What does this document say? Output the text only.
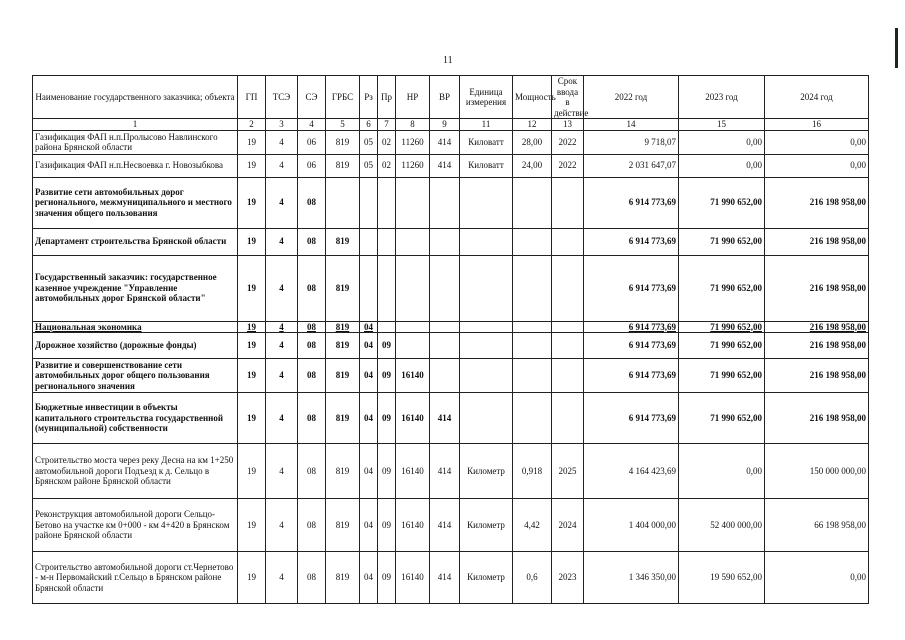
11
Наименование государственного заказчика; объекта	ГП	ТСЭ	СЭ	ГРБС	Рз	Пр	НР	ВР	Единица измерения	Мощность	Срок ввода в действие	2022 год	2023 год	2024 год
1	2	3	4	5	6	7	8	9	11	12	13	14	15	16
Газификация ФАП н.п.Пролысово Навлинского района Брянской области	19	4	06	819	05	02	11260	414	Киловатт	28,00	2022	9 718,07	0,00	0,00
Газификация ФАП н.п.Несвоевка г. Новозыбкова	19	4	06	819	05	02	11260	414	Киловатт	24,00	2022	2 031 647,07	0,00	0,00
Развитие сети автомобильных дорог регионального, межмуниципального и местного значения общего пользования	19	4	08									6 914 773,69	71 990 652,00	216 198 958,00
Департамент строительства Брянской области	19	4	08	819								6 914 773,69	71 990 652,00	216 198 958,00
Государственный заказчик: государственное казенное учреждение "Управление автомобильных дорог Брянской области"	19	4	08	819								6 914 773,69	71 990 652,00	216 198 958,00
Национальная экономика	19	4	08	819	04							6 914 773,69	71 990 652,00	216 198 958,00
Дорожное хозяйство (дорожные фонды)	19	4	08	819	04	09						6 914 773,69	71 990 652,00	216 198 958,00
Развитие и совершенствование сети автомобильных дорог общего пользования регионального значения	19	4	08	819	04	09	16140					6 914 773,69	71 990 652,00	216 198 958,00
Бюджетные инвестиции в объекты капитального строительства государственной (муниципальной) собственности	19	4	08	819	04	09	16140	414				6 914 773,69	71 990 652,00	216 198 958,00
Строительство моста через реку Десна на км 1+250 автомобильной дороги Подъезд к д. Сельцо в Брянском районе Брянской области	19	4	08	819	04	09	16140	414	Километр	0,918	2025	4 164 423,69	0,00	150 000 000,00
Реконструкция автомобильной дороги Сельцо-Бетово на участке км 0+000 - км 4+420 в Брянском районе Брянской области	19	4	08	819	04	09	16140	414	Километр	4,42	2024	1 404 000,00	52 400 000,00	66 198 958,00
Строительство автомобильной дороги ст.Чернетово - м-н Первомайский г.Сельцо в Брянском районе Брянской области	19	4	08	819	04	09	16140	414	Километр	0,6	2023	1 346 350,00	19 590 652,00	0,00
